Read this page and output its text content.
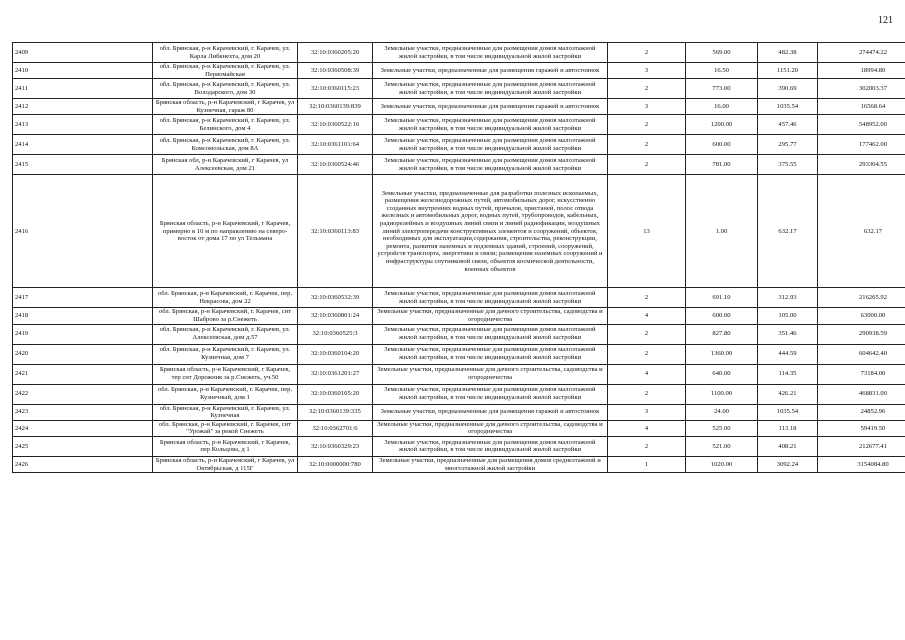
121
2409	обл. Брянская, р-н Карачевский, г. Карачев, ул. Карла Либкнехта, дом 20	32:10:0360205:20	Земельные участки, предназначенные для размещения домов малоэтажной жилой застройки, в том числе индивидуальной жилой застройки	2	569.00	482.38	274474.22
2410	обл. Брянская, р-н Карачевский, г. Карачев, ул. Первомайская	32:10:0360508:39	Земельные участки, предназначенные для размещения гаражей и автостоянок	3	16.50	1151.20	18994.80
2411	обл. Брянская, р-н Карачевский, г. Карачев, ул. Володарского, дом 30	32:10:0360115:23	Земельные участки, предназначенные для размещения домов малоэтажной жилой застройки, в том числе индивидуальной жилой застройки	2	773.00	390.69	302003.37
2412	Брянская область, р-н Карачевский, г Карачев, ул Кузнечная, гараж 80	32:10:0360139:839	Земельные участки, предназначенные для размещения гаражей и автостоянок	3	16.00	1035.54	16568.64
2413	обл. Брянская, р-н Карачевский, г. Карачев, ул. Белинского, дом 4	32:10:0360522:16	Земельные участки, предназначенные для размещения домов малоэтажной жилой застройки, в том числе индивидуальной жилой застройки	2	1200.00	457.46	548952.00
2414	обл. Брянская, р-н Карачевский, г. Карачев, ул. Комсомольская, дом 8А	32:10:0361101:64	Земельные участки, предназначенные для размещения домов малоэтажной жилой застройки, в том числе индивидуальной жилой застройки	2	600.00	295.77	177462.00
2415	Брянская обл, р-н Карачевский, г Карачев, ул Алексеевская, дом 21	32:10:0360524:46	Земельные участки, предназначенные для размещения домов малоэтажной жилой застройки, в том числе индивидуальной жилой застройки	2	781.00	375.55	293304.55
2416	Брянская область, р-н Карачевский, г Карачев, примерно в 10 м по направлению на северо-восток от дома 17 по ул Тельмана	32:10:0360113:83	Земельные участки, предназначенные для разработки полезных ископаемых, размещения железнодорожных путей, автомобильных дорог, искусственно созданных внутренних водных путей, причалов, пристаней, полос отвода железных и автомобильных дорог, водных путей, трубопроводов, кабельных, радиорелейных и воздушных линий связи и линий радиофикации, воздушных линий электропередачи конструктивных элементов и сооружений, объектов, необходимых для эксплуатации,содержания, строительства, реконструкции, ремонта, развития наземных и подземных зданий, строений, сооружений, устройств транспорта, энергетики и связи; размещения наземных сооружений и инфраструктуры спутниковой связи, объектов космической деятельности, военных объектов	13	1.00	632.17	632.17
2417	обл. Брянская, р-н Карачевский, г. Карачев, пер. Некрасова, дом 22	32:10:0360532:39	Земельные участки, предназначенные для размещения домов малоэтажной жилой застройки, в том числе индивидуальной жилой застройки	2	691.10	312.93	216265.92
2418	обл. Брянская, р-н Карачевский, г. Карачев, снт Шаброво за р.Снежеть	32:10:0360801:24	Земельные участки, предназначенные для дачного строительства, садоводства и огородничества	4	600.00	105.00	63000.00
2419	обл. Брянская, р-н Карачевский, г. Карачев, ул. Алексеевская, дом д.57	32:10:0360525:3	Земельные участки, предназначенные для размещения домов малоэтажной жилой застройки, в том числе индивидуальной жилой застройки	2	827.80	351.46	290938.59
2420	обл. Брянская, р-н Карачевский, г. Карачев, ул. Кузнечная, дом 7	32:10:0360104:20	Земельные участки, предназначенные для размещения домов малоэтажной жилой застройки, в том числе индивидуальной жилой застройки	2	1360.00	444.59	604642.40
2421	Брянская область, р-н Карачевский, г Карачев, тер снт Дорожник за р.Снежеть, уч.50	32:10:0361201:27	Земельные участки, предназначенные для дачного строительства, садоводства и огородничества	4	640.00	114.35	73184.00
2422	обл. Брянская, р-н Карачевский, г. Карачев, пер. Кузнечный, дом 1	32:10:0360105:20	Земельные участки, предназначенные для размещения домов малоэтажной жилой застройки, в том числе индивидуальной жилой застройки	2	1100.00	426.21	468831.00
2423	обл. Брянская, р-н Карачевский, г. Карачев, ул. Кузнечная	32:10:0360139:335	Земельные участки, предназначенные для размещения гаражей и автостоянок	3	24.00	1035.54	24852.96
2424	обл. Брянская, р-н Карачевский, г. Карачев, снт "Урожай" за рекой Снежеть	32:10:0362701:6	Земельные участки, предназначенные для дачного строительства, садоводства и огородничества	4	525.00	113.18	59419.50
2425	Брянская область, р-н Карачевский, г Карачев, пер Кольцова, д 1	32:10:0360329:23	Земельные участки, предназначенные для размещения домов малоэтажной жилой застройки, в том числе индивидуальной жилой застройки	2	521.00	408.21	212677.41
2426	Брянская область, р-н Карачевский, г Карачев, ул Октябрьская, д 115Г	32:10:0000000:780	Земельные участки, предназначенные для размещения домов среднеэтажной и многоэтажной жилой застройки	1	1020.00	3092.24	3154084.80
